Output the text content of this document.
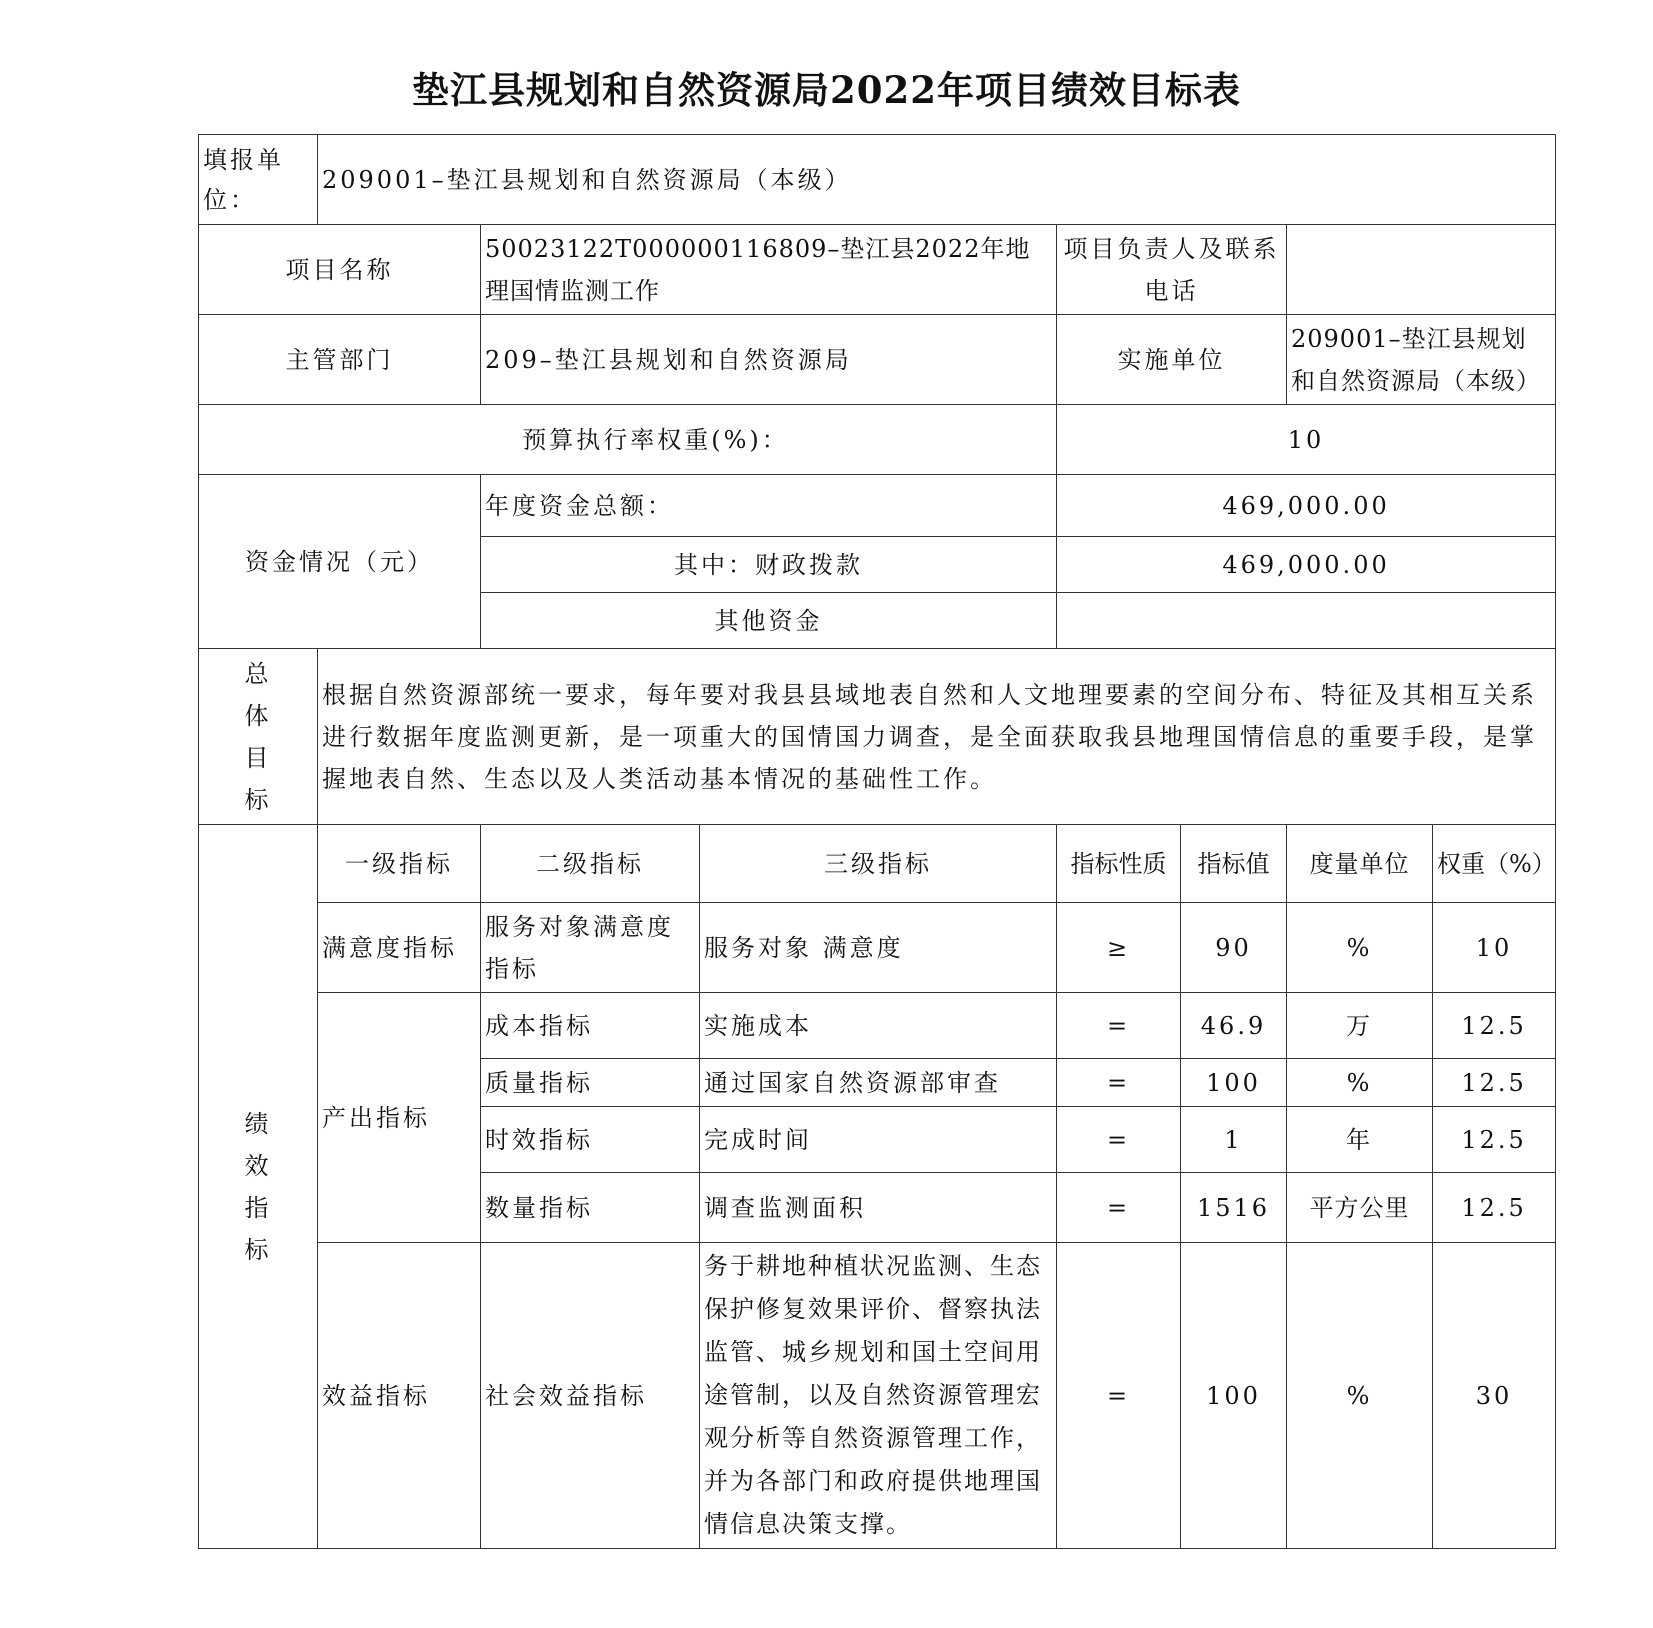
垫江县规划和自然资源局2022年项目绩效目标表
填报单位：	209001–垫江县规划和自然资源局（本级）						
项目名称		50023122T000000116809–垫江县2022年地理国情监测工作		项目负责人及联系电话			
主管部门		209–垫江县规划和自然资源局		实施单位		209001–垫江县规划和自然资源局（本级）	
预算执行率权重(%)：				10			
资金情况（元）		年度资金总额：		469,000.00			
		其中：财政拨款		469,000.00			
		其他资金					
总体目标	根据自然资源部统一要求，每年要对我县县域地表自然和人文地理要素的空间分布、特征及其相互关系进行数据年度监测更新，是一项重大的国情国力调查，是全面获取我县地理国情信息的重要手段，是掌握地表自然、生态以及人类活动基本情况的基础性工作。						
绩效指标	一级指标	二级指标	三级指标	指标性质	指标值	度量单位	权重（%）
	满意度指标	服务对象满意度指标	服务对象 满意度	≥	90	%	10
	产出指标	成本指标	实施成本	=	46.9	万	12.5
		质量指标	通过国家自然资源部审查	=	100	%	12.5
		时效指标	完成时间	=	1	年	12.5
		数量指标	调查监测面积	=	1516	平方公里	12.5
	效益指标	社会效益指标	务于耕地种植状况监测、生态保护修复效果评价、督察执法监管、城乡规划和国土空间用途管制，以及自然资源管理宏观分析等自然资源管理工作，并为各部门和政府提供地理国情信息决策支撑。	=	100	%	30
